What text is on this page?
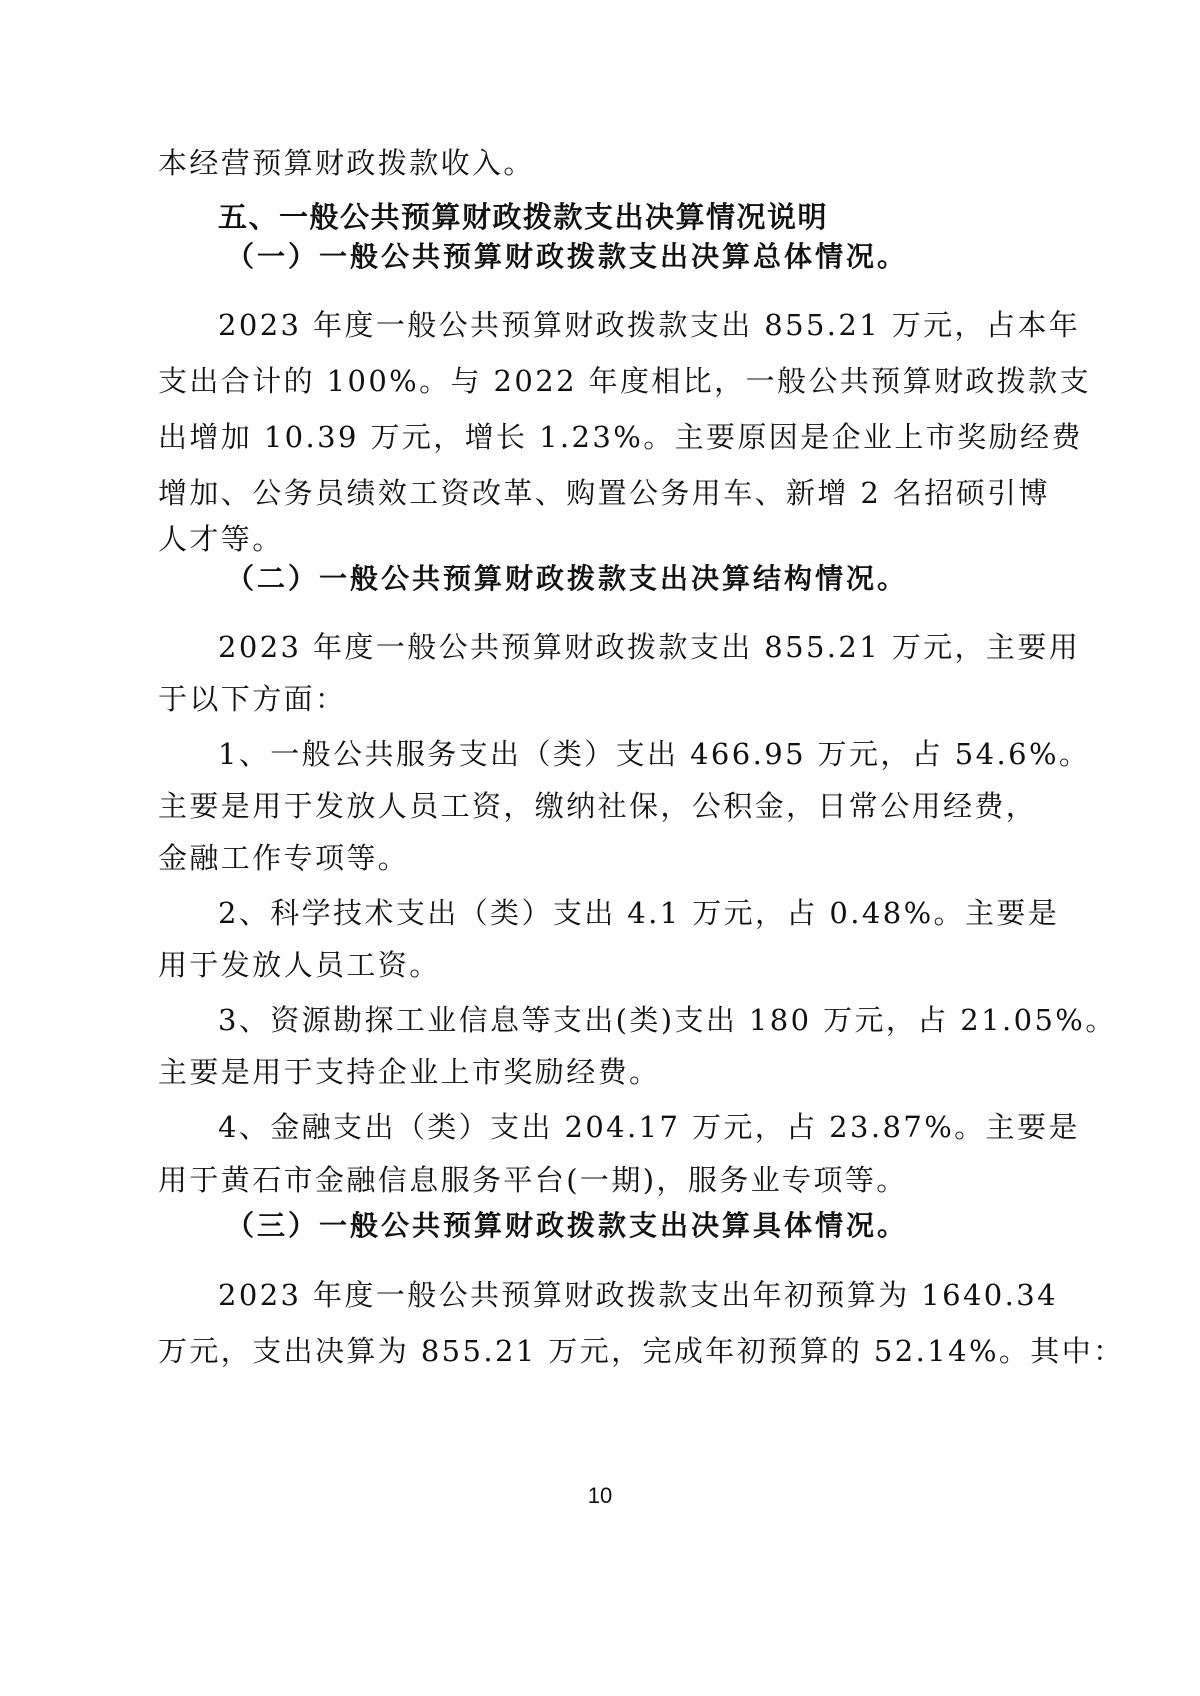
本经营预算财政拨款收入。
五、一般公共预算财政拨款支出决算情况说明
（一）一般公共预算财政拨款支出决算总体情况。
2023 年度一般公共预算财政拨款支出 855.21 万元，占本年
支出合计的 100%。与 2022 年度相比，一般公共预算财政拨款支
出增加 10.39 万元，增长 1.23%。主要原因是企业上市奖励经费
增加、公务员绩效工资改革、购置公务用车、新增 2 名招硕引博
人才等。
（二）一般公共预算财政拨款支出决算结构情况。
2023 年度一般公共预算财政拨款支出 855.21 万元，主要用
于以下方面：
1、一般公共服务支出（类）支出 466.95 万元，占 54.6%。
主要是用于发放人员工资，缴纳社保，公积金，日常公用经费，
金融工作专项等。
2、科学技术支出（类）支出 4.1 万元，占 0.48%。主要是
用于发放人员工资。
3、资源勘探工业信息等支出(类)支出 180 万元，占 21.05%。
主要是用于支持企业上市奖励经费。
4、金融支出（类）支出 204.17 万元，占 23.87%。主要是
用于黄石市金融信息服务平台(一期)，服务业专项等。
（三）一般公共预算财政拨款支出决算具体情况。
2023 年度一般公共预算财政拨款支出年初预算为 1640.34
万元，支出决算为 855.21 万元，完成年初预算的 52.14%。其中：
10
